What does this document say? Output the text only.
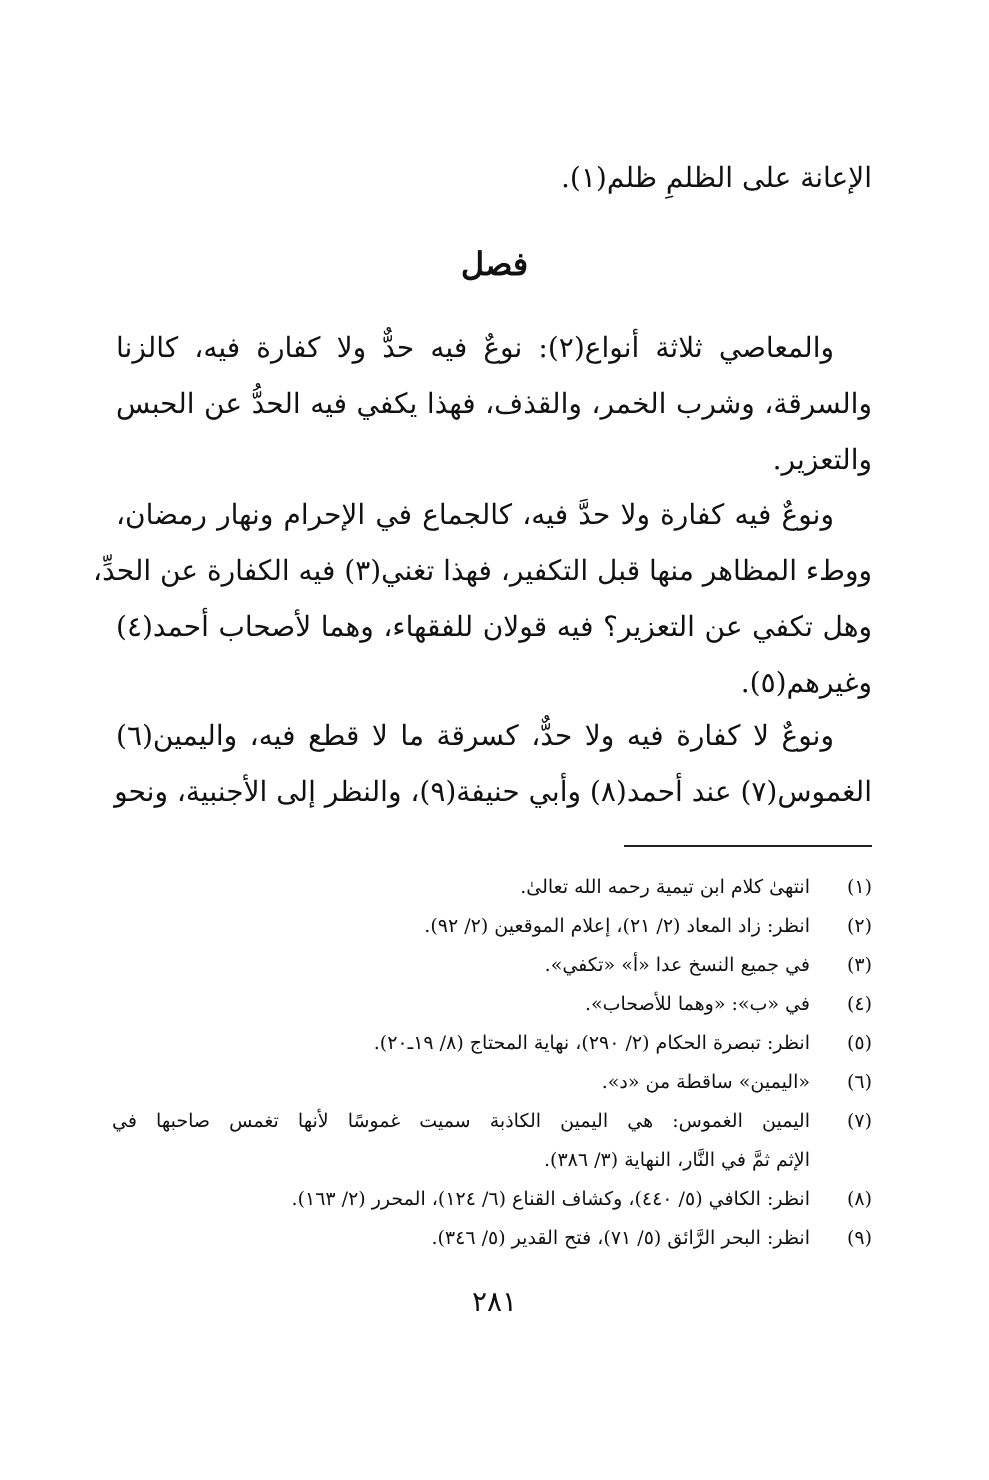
الإعانة على الظلمِ ظلم(١).
فصل
والمعاصي ثلاثة أنواع(٢): نوعٌ فيه حدٌّ ولا كفارة فيه، كالزنا
والسرقة، وشرب الخمر، والقذف، فهذا يكفي فيه الحدُّ عن الحبس
والتعزير.
ونوعٌ فيه كفارة ولا حدَّ فيه، كالجماع في الإحرام ونهار رمضان،
ووطء المظاهر منها قبل التكفير، فهذا تغني(٣) فيه الكفارة عن الحدِّ،
وهل تكفي عن التعزير؟ فيه قولان للفقهاء، وهما لأصحاب أحمد(٤)
وغيرهم(٥).
ونوعٌ لا كفارة فيه ولا حدٌّ، كسرقة ما لا قطع فيه، واليمين(٦)
الغموس(٧) عند أحمد(٨) وأبي حنيفة(٩)، والنظر إلى الأجنبية، ونحو
(١)
انتهىٰ كلام ابن تيمية رحمه الله تعالىٰ.
(٢)
انظر: زاد المعاد (٢/ ٢١)، إعلام الموقعين (٢/ ٩٢).
(٣)
في جميع النسخ عدا «أ» «تكفي».
(٤)
في «ب»: «وهما للأصحاب».
(٥)
انظر: تبصرة الحكام (٢/ ٢٩٠)، نهاية المحتاج (٨/ ١٩ـ٢٠).
(٦)
«اليمين» ساقطة من «د».
(٧)
اليمين الغموس: هي اليمين الكاذبة سميت غموسًا لأنها تغمس صاحبها في
الإثم ثمَّ في النَّار، النهاية (٣/ ٣٨٦).
(٨)
انظر: الكافي (٥/ ٤٤٠)، وكشاف القناع (٦/ ١٢٤)، المحرر (٢/ ١٦٣).
(٩)
انظر: البحر الرَّائق (٥/ ٧١)، فتح القدير (٥/ ٣٤٦).
٢٨١
